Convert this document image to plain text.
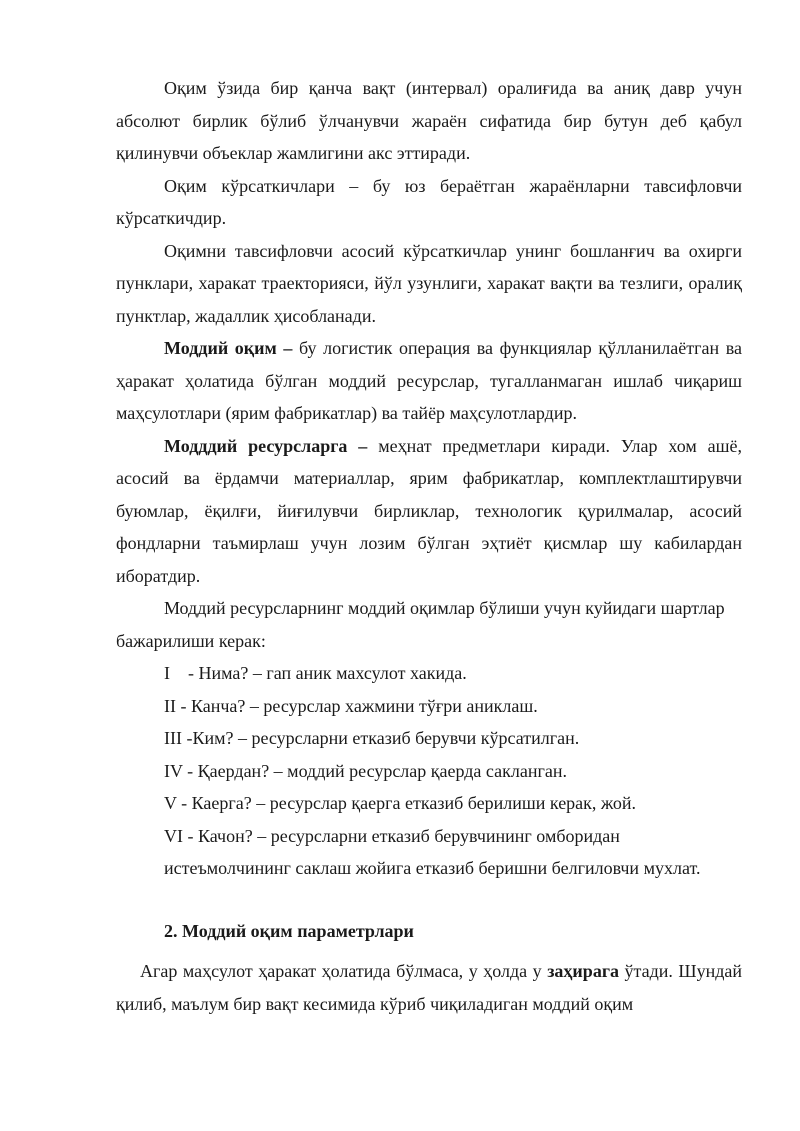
Оқим ўзида бир қанча вақт (интервал) оралиғида ва аниқ давр учун абсолют бирлик бўлиб ўлчанувчи жараён сифатида бир бутун деб қабул қилинувчи объеклар жамлигини акс эттиради.

Оқим кўрсаткичлари – бу юз бераётган жараёнларни тавсифловчи кўрсаткичдир.

Оқимни тавсифловчи асосий кўрсаткичлар унинг бошланғич ва охирги пунклари, харакат траекторияси, йўл узунлиги, харакат вақти ва тезлиги, оралиқ пунктлар, жадаллик ҳисобланади.

Моддий оқим – бу логистик операция ва функциялар қўлланилаётган ва ҳаракат ҳолатида бўлган моддий ресурслар, тугалланмаган ишлаб чиқариш маҳсулотлари (ярим фабрикатлар) ва тайёр маҳсулотлардир.

Модддий ресурсларга – меҳнат предметлари киради. Улар хом ашё, асосий ва ёрдамчи материаллар, ярим фабрикатлар, комплектлаштирувчи буюмлар, ёқилғи, йиғилувчи бирликлар, технологик қурилмалар, асосий фондларни таъмирлаш учун лозим бўлган эҳтиёт қисмлар шу кабилардан иборатдир.

Моддий ресурсларнинг моддий оқимлар бўлиши учун куйидаги шартлар бажарилиши керак:

I    - Нима? – гап аник махсулот хакида.

II - Канча? – ресурслар хажмини тўғри аниклаш.

III -Ким? – ресурсларни етказиб берувчи кўрсатилган.

IV - Қаердан? – моддий ресурслар қаерда сакланган.

V - Каерга? – ресурслар қаерга етказиб берилиши керак, жой.

VI - Качон? – ресурсларни етказиб берувчининг омборидан

истеъмолчининг саклаш жойига етказиб беришни белгиловчи мухлат.

2. Моддий оқим параметрлари

Агар маҳсулот ҳаракат ҳолатида бўлмаса, у ҳолда у заҳирага ўтади. Шундай қилиб, маълум бир вақт кесимида кўриб чиқиладиган моддий оқим
